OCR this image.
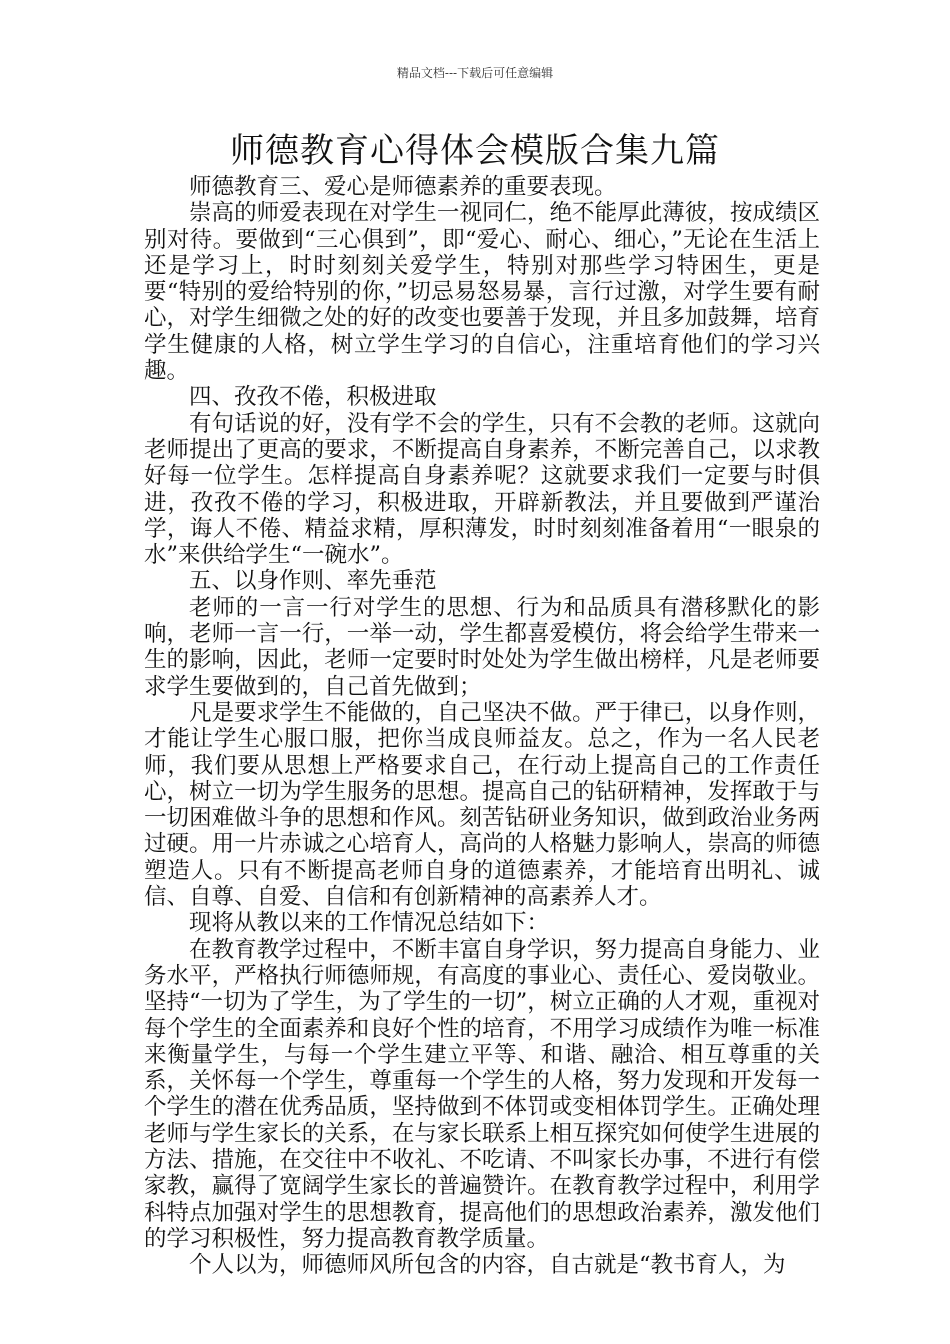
精品文档---下载后可任意编辑
师德教育心得体会模版合集九篇

师德教育三、爱心是师德素养的重要表现。

崇高的师爱表现在对学生一视同仁，绝不能厚此薄彼，按成绩区别对待。要做到“三心俱到”，即“爱心、耐心、细心，”无论在生活上还是学习上，时时刻刻关爱学生，特别对那些学习特困生，更是要“特别的爱给特别的你，”切忌易怒易暴，言行过激，对学生要有耐心，对学生细微之处的好的改变也要善于发现，并且多加鼓舞，培育学生健康的人格，树立学生学习的自信心，注重培育他们的学习兴趣。

四、孜孜不倦，积极进取

有句话说的好，没有学不会的学生，只有不会教的老师。这就向老师提出了更高的要求，不断提高自身素养，不断完善自己，以求教好每一位学生。怎样提高自身素养呢？这就要求我们一定要与时俱进，孜孜不倦的学习，积极进取，开辟新教法，并且要做到严谨治学，诲人不倦、精益求精，厚积薄发，时时刻刻准备着用“一眼泉的水”来供给学生“一碗水”。

五、以身作则、率先垂范

老师的一言一行对学生的思想、行为和品质具有潜移默化的影响，老师一言一行，一举一动，学生都喜爱模仿，将会给学生带来一生的影响，因此，老师一定要时时处处为学生做出榜样，凡是老师要求学生要做到的，自己首先做到；

凡是要求学生不能做的，自己坚决不做。严于律已，以身作则，才能让学生心服口服，把你当成良师益友。总之，作为一名人民老师，我们要从思想上严格要求自己，在行动上提高自己的工作责任心，树立一切为学生服务的思想。提高自己的钻研精神，发挥敢于与一切困难做斗争的思想和作风。刻苦钻研业务知识，做到政治业务两过硬。用一片赤诚之心培育人，高尚的人格魅力影响人，崇高的师德塑造人。只有不断提高老师自身的道德素养，才能培育出明礼、诚信、自尊、自爱、自信和有创新精神的高素养人才。

现将从教以来的工作情况总结如下：

在教育教学过程中，不断丰富自身学识，努力提高自身能力、业务水平，严格执行师德师规，有高度的事业心、责任心、爱岗敬业。坚持“一切为了学生，为了学生的一切”，树立正确的人才观，重视对每个学生的全面素养和良好个性的培育，不用学习成绩作为唯一标准来衡量学生，与每一个学生建立平等、和谐、融洽、相互尊重的关系，关怀每一个学生，尊重每一个学生的人格，努力发现和开发每一个学生的潜在优秀品质，坚持做到不体罚或变相体罚学生。正确处理老师与学生家长的关系，在与家长联系上相互探究如何使学生进展的方法、措施，在交往中不收礼、不吃请、不叫家长办事，不进行有偿家教，赢得了宽阔学生家长的普遍赞许。在教育教学过程中，利用学科特点加强对学生的思想教育，提高他们的思想政治素养，激发他们的学习积极性，努力提高教育教学质量。

个人以为，师德师风所包含的内容，自古就是“教书育人，为
